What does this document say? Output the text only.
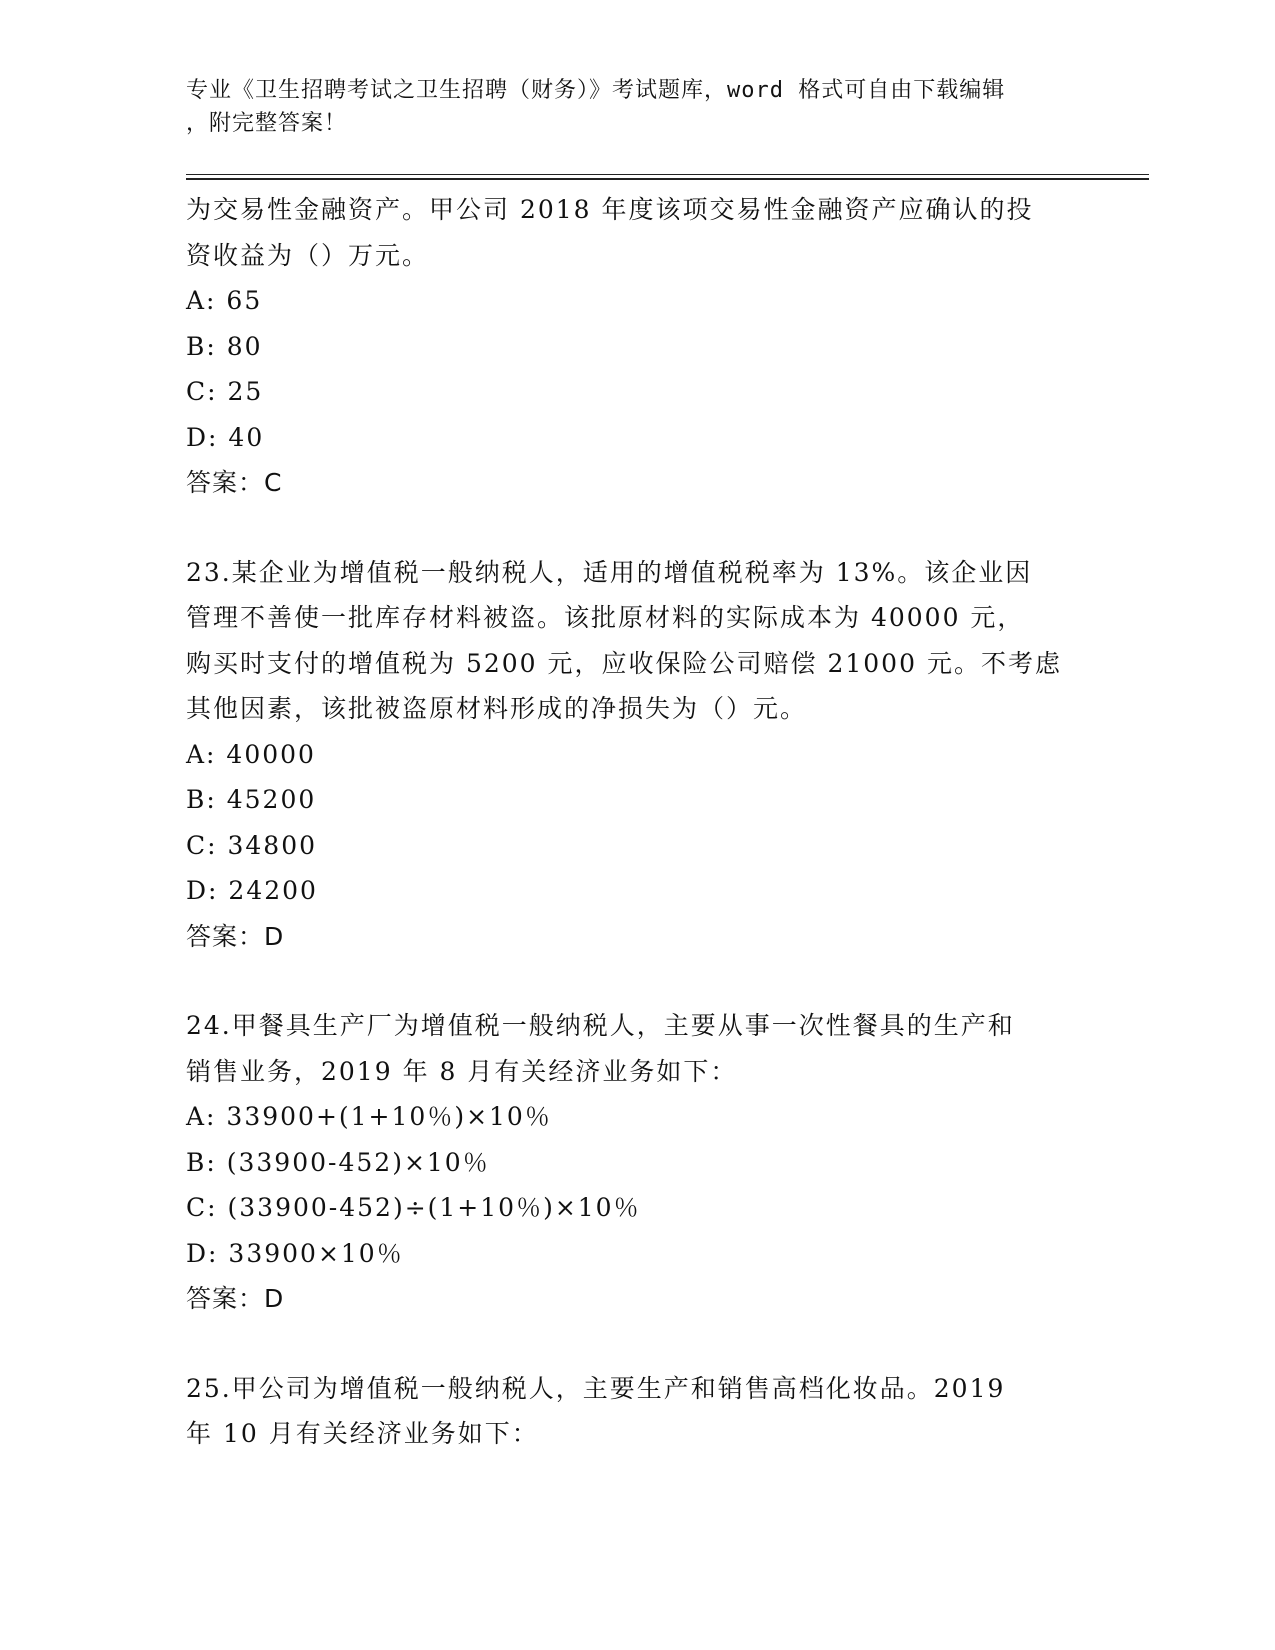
专业《卫生招聘考试之卫生招聘（财务）》考试题库，word 格式可自由下载编辑
，附完整答案！
为交易性金融资产。甲公司 2018 年度该项交易性金融资产应确认的投
资收益为（）万元。
A: 65
B: 80
C: 25
D: 40
答案：C
23.某企业为增值税一般纳税人，适用的增值税税率为 13%。该企业因
管理不善使一批库存材料被盗。该批原材料的实际成本为 40000 元，
购买时支付的增值税为 5200 元，应收保险公司赔偿 21000 元。不考虑
其他因素，该批被盗原材料形成的净损失为（）元。
A: 40000
B: 45200
C: 34800
D: 24200
答案：D
24.甲餐具生产厂为增值税一般纳税人，主要从事一次性餐具的生产和
销售业务，2019 年 8 月有关经济业务如下：
A: 33900+(1+10％)×10％
B: (33900-452)×10％
C: (33900-452)÷(1+10％)×10％
D: 33900×10％
答案：D
25.甲公司为增值税一般纳税人，主要生产和销售高档化妆品。2019
年 10 月有关经济业务如下：
